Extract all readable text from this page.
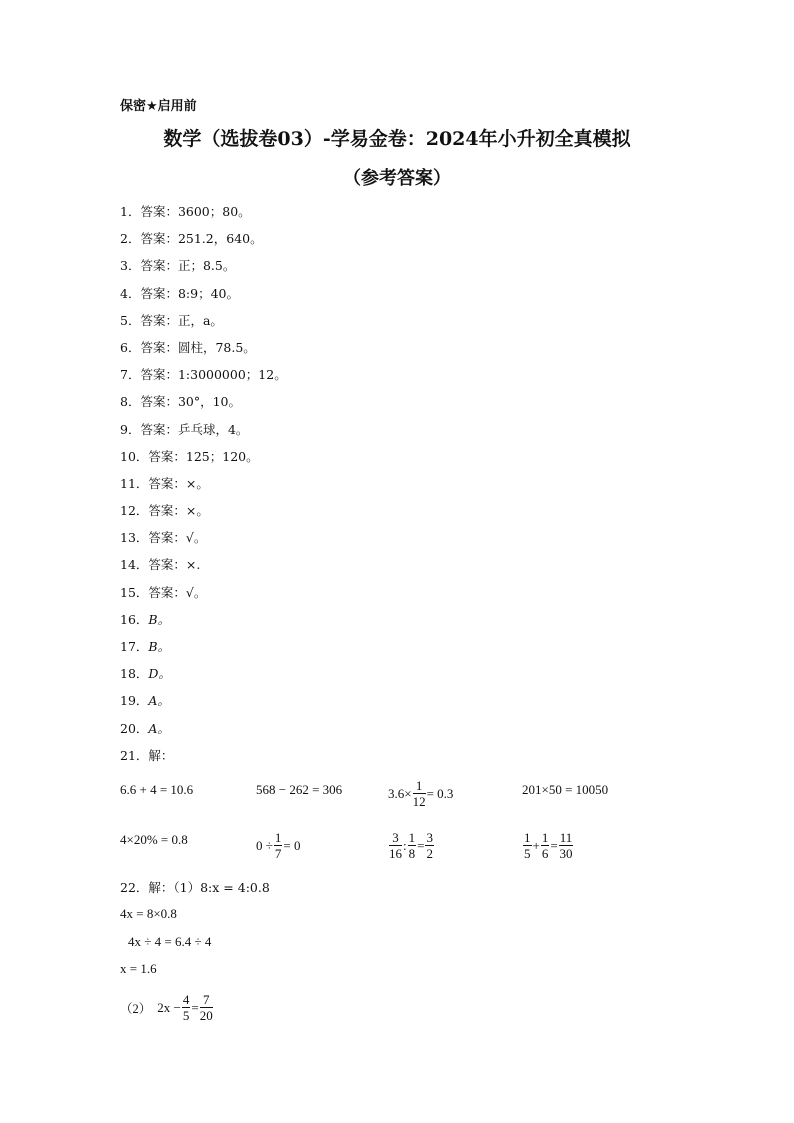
保密★启用前
数学（选拔卷03）-学易金卷：2024年小升初全真模拟
（参考答案）
1．答案：3600；80。
2．答案：251.2，640。
3．答案：正；8.5。
4．答案：8:9；40。
5．答案：正，a。
6．答案：圆柱，78.5。
7．答案：1:3000000；12。
8．答案：30°，10。
9．答案：乒乓球，4。
10．答案：125；120。
11．答案：×。
12．答案：×。
13．答案：√。
14．答案：×.
15．答案：√。
16．B。
17．B。
18．D。
19．A。
20．A。
21．解：
6.6 + 4 = 10.6	568 − 262 = 306	$3.6\times \frac{1}{12} = 0.3$	201×50 = 10050
4×20% = 0.8	$0 \div \frac{1}{7} = 0$	$\frac{3}{16}$ : $\frac{1}{8} = \frac{3}{2}$	$\frac{1}{5} + \frac{1}{6} = \frac{11}{30}$
22．解：（1）8:x = 4:0.8
4x = 8×0.8
4x ÷ 4 = 6.4 ÷ 4
x = 1.6
（2） $2x - \frac{4}{5} = \frac{7}{20}$
